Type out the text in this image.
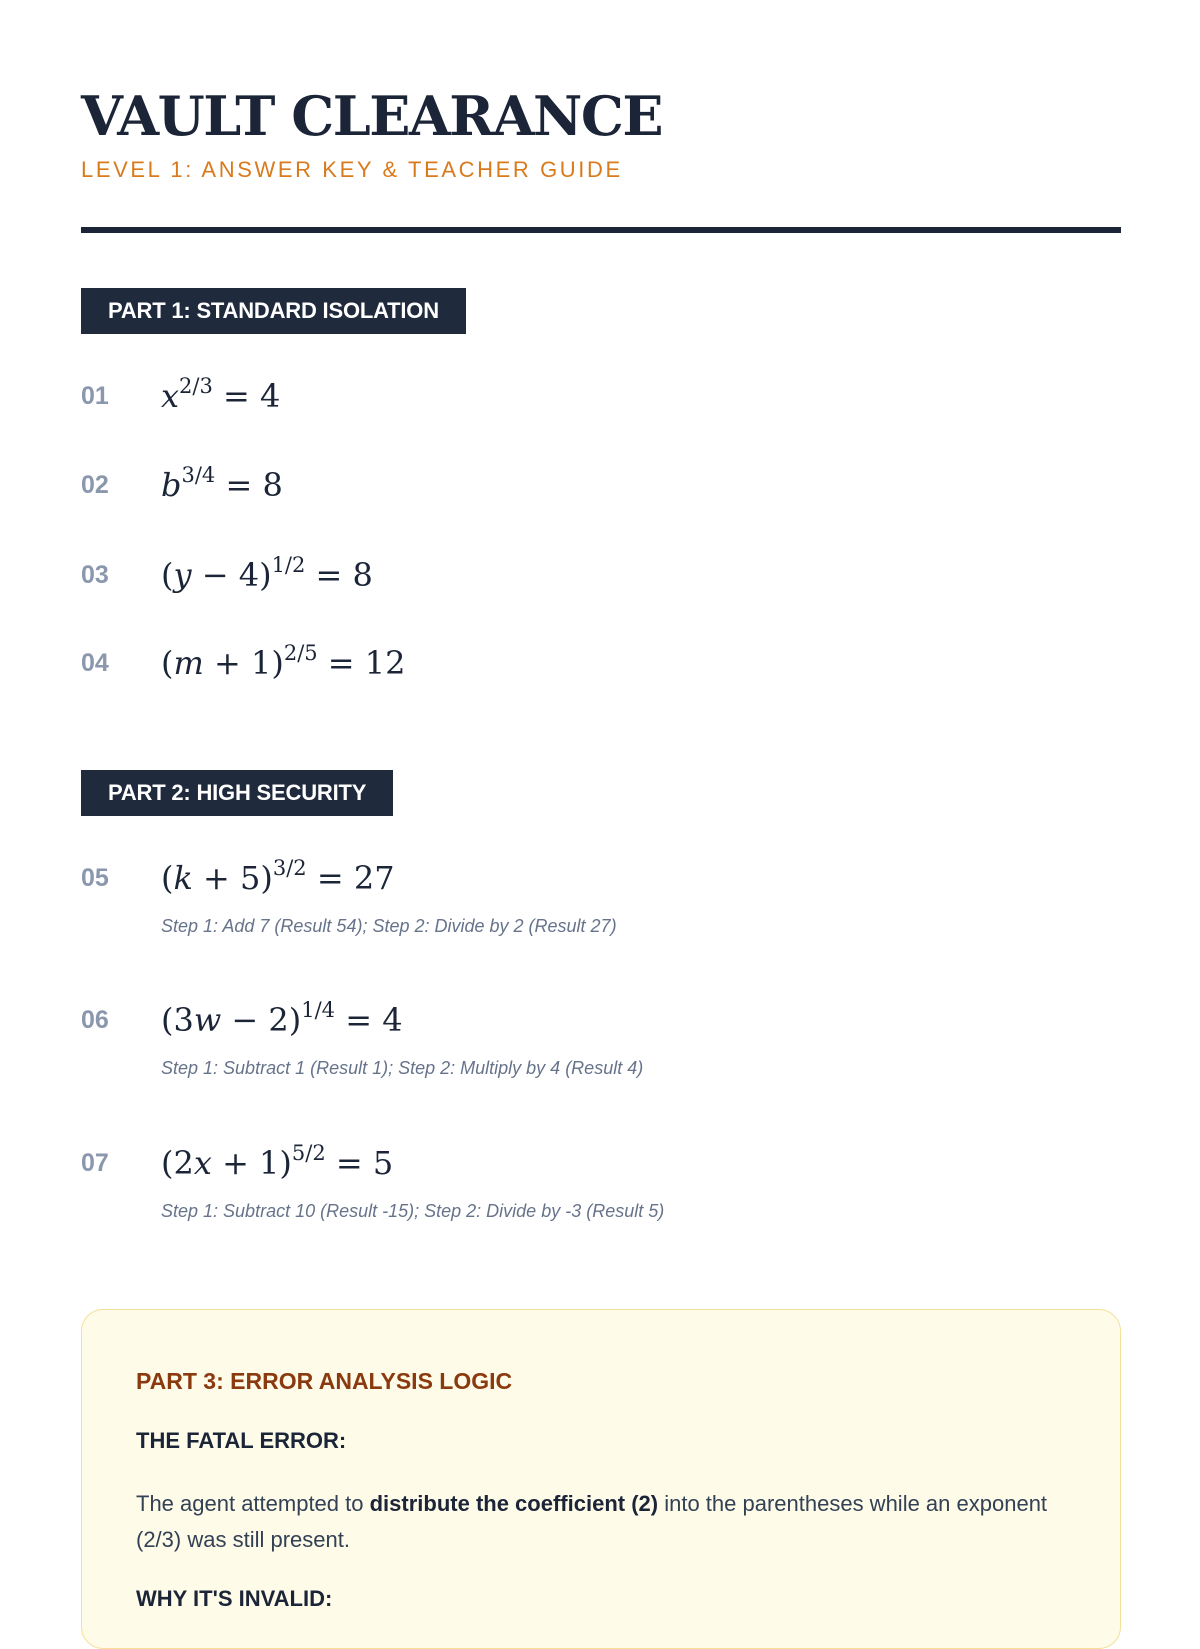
VAULT CLEARANCE
LEVEL 1: ANSWER KEY & TEACHER GUIDE
PART 1: STANDARD ISOLATION
01 $x^{2/3} = 4$
02 $b^{3/4} = 8$
03 $(y - 4)^{1/2} = 8$
04 $(m + 1)^{2/5} = 12$
PART 2: HIGH SECURITY
05 $(k + 5)^{3/2} = 27$
Step 1: Add 7 (Result 54); Step 2: Divide by 2 (Result 27)
06 $(3w - 2)^{1/4} = 4$
Step 1: Subtract 1 (Result 1); Step 2: Multiply by 4 (Result 4)
07 $(2x + 1)^{5/2} = 5$
Step 1: Subtract 10 (Result -15); Step 2: Divide by -3 (Result 5)
PART 3: ERROR ANALYSIS LOGIC
THE FATAL ERROR:
The agent attempted to distribute the coefficient (2) into the parentheses while an exponent (2/3) was still present.
WHY IT'S INVALID:
